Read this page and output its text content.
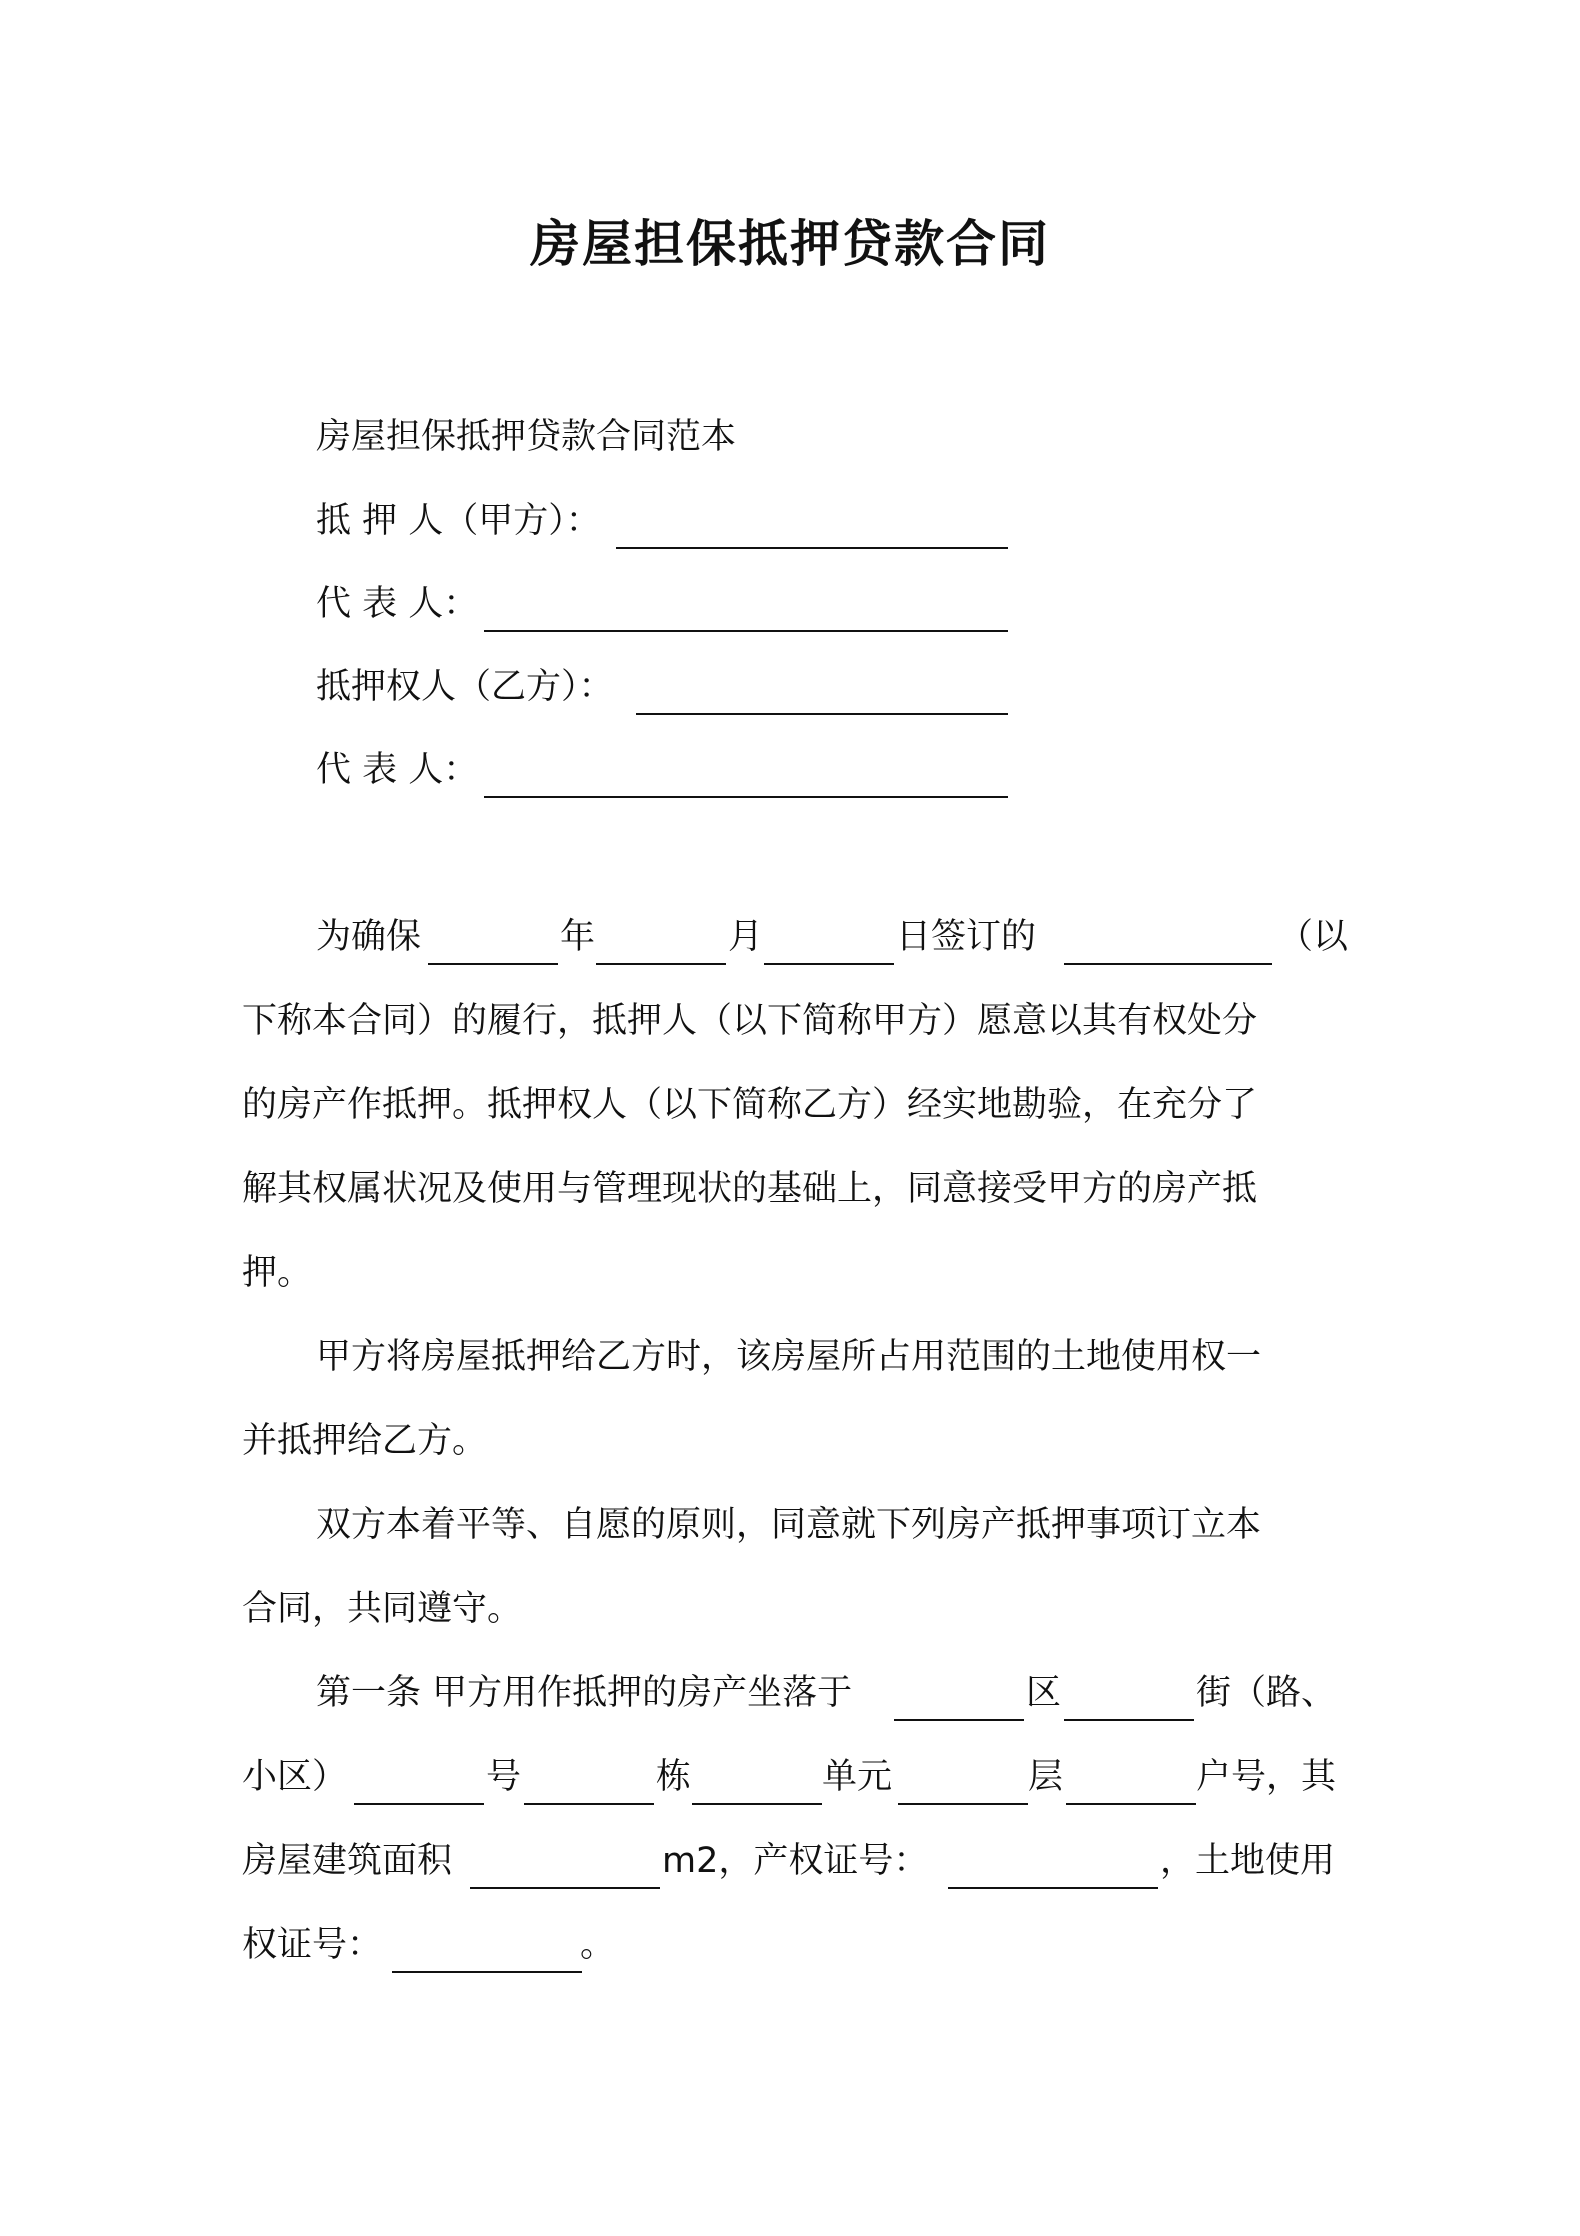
房屋担保抵押贷款合同
房屋担保抵押贷款合同范本
抵 押 人（甲方）：
代 表 人：
抵押权人（乙方）：
代 表 人：
为确保	年	月	日签订的	（以
下称本合同）的履行，抵押人（以下简称甲方）愿意以其有权处分
的房产作抵押。抵押权人（以下简称乙方）经实地勘验，在充分了
解其权属状况及使用与管理现状的基础上，同意接受甲方的房产抵
押。
甲方将房屋抵押给乙方时，该房屋所占用范围的土地使用权一
并抵押给乙方。
双方本着平等、自愿的原则，同意就下列房产抵押事项订立本
合同，共同遵守。
第一条 甲方用作抵押的房产坐落于	区	街（路、
小区）	号	栋	单元	层	户号，其
房屋建筑面积	m2，产权证号：	，土地使用
权证号：	。
